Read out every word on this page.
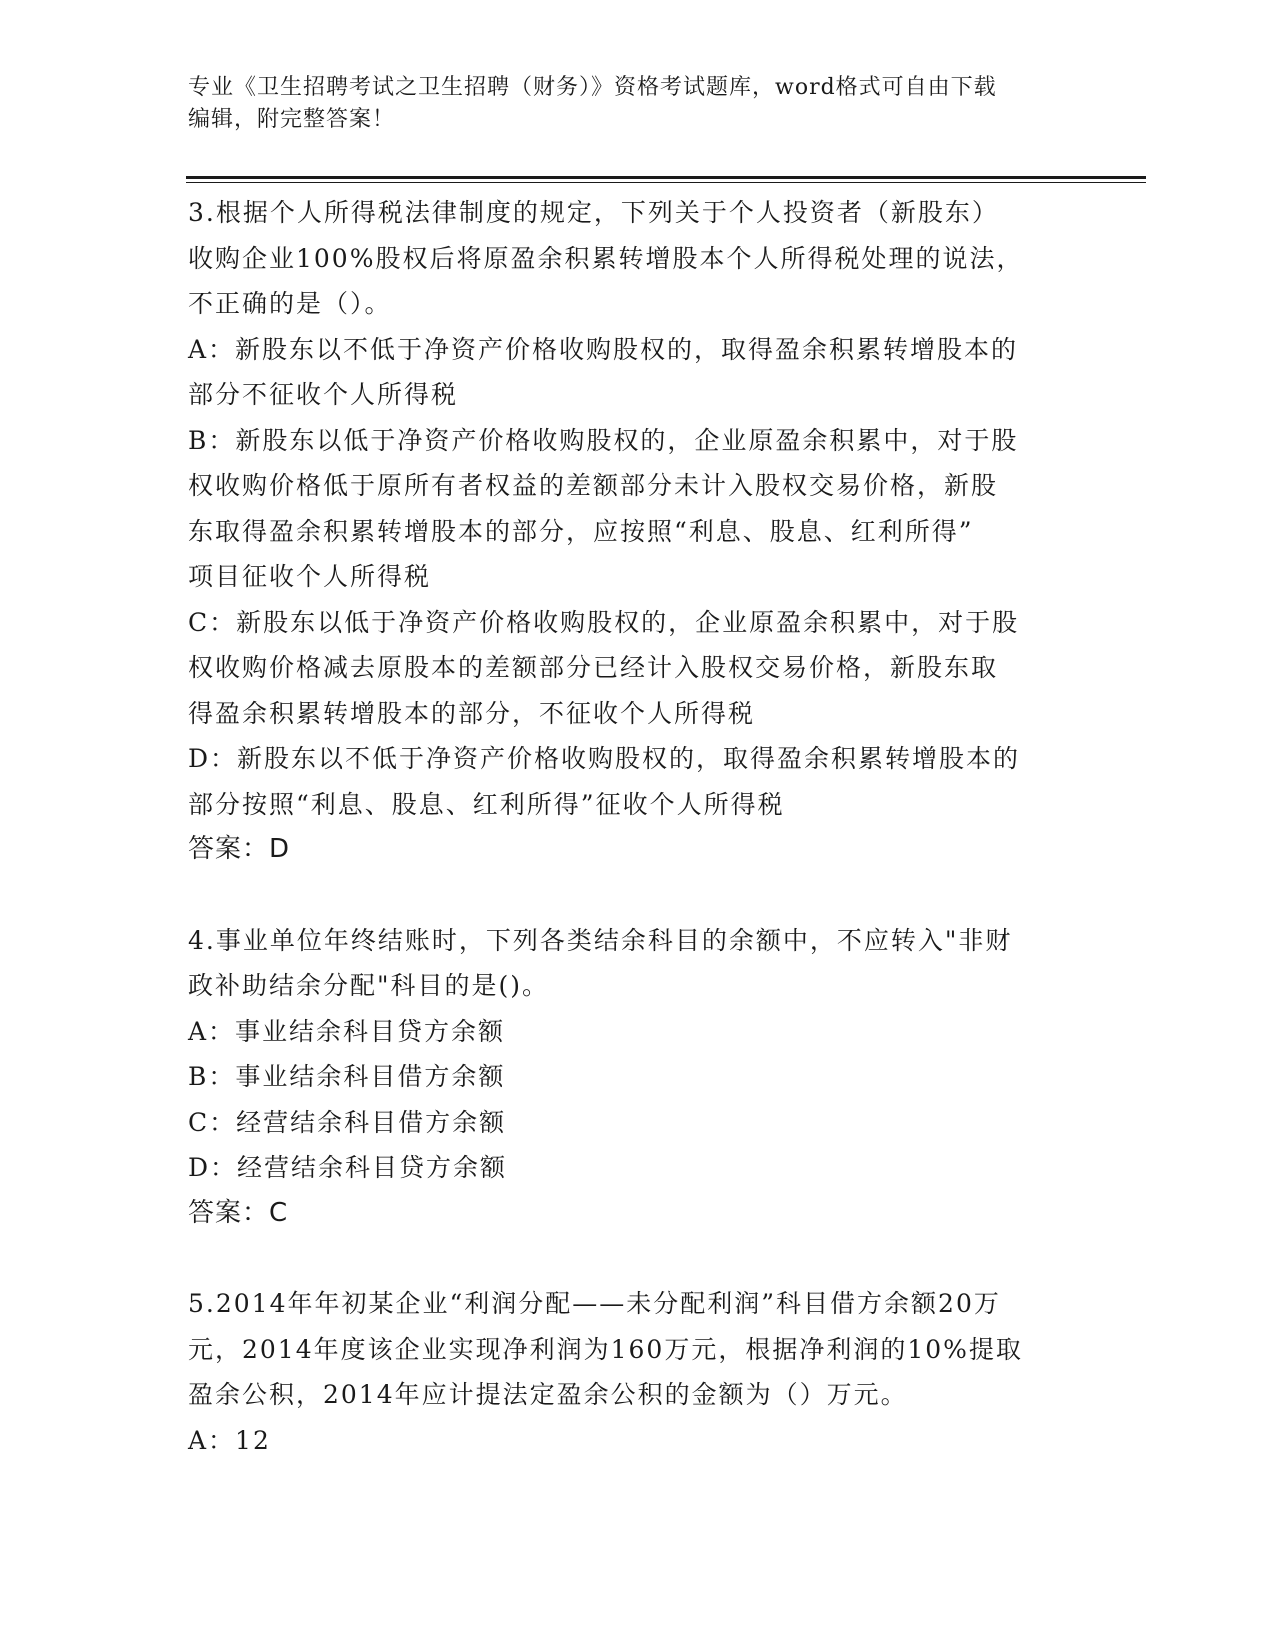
专业《卫生招聘考试之卫生招聘（财务）》资格考试题库，word格式可自由下载
编辑，附完整答案！
3.根据个人所得税法律制度的规定，下列关于个人投资者（新股东）
收购企业100%股权后将原盈余积累转增股本个人所得税处理的说法，
不正确的是（）。
A：新股东以不低于净资产价格收购股权的，取得盈余积累转增股本的
部分不征收个人所得税
B：新股东以低于净资产价格收购股权的，企业原盈余积累中，对于股
权收购价格低于原所有者权益的差额部分未计入股权交易价格，新股
东取得盈余积累转增股本的部分，应按照“利息、股息、红利所得”
项目征收个人所得税
C：新股东以低于净资产价格收购股权的，企业原盈余积累中，对于股
权收购价格减去原股本的差额部分已经计入股权交易价格，新股东取
得盈余积累转增股本的部分，不征收个人所得税
D：新股东以不低于净资产价格收购股权的，取得盈余积累转增股本的
部分按照“利息、股息、红利所得”征收个人所得税
答案：D
4.事业单位年终结账时，下列各类结余科目的余额中，不应转入"非财
政补助结余分配"科目的是()。
A：事业结余科目贷方余额
B：事业结余科目借方余额
C：经营结余科目借方余额
D：经营结余科目贷方余额
答案：C
5.2014年年初某企业“利润分配——未分配利润”科目借方余额20万
元，2014年度该企业实现净利润为160万元，根据净利润的10%提取
盈余公积，2014年应计提法定盈余公积的金额为（）万元。
A：12
